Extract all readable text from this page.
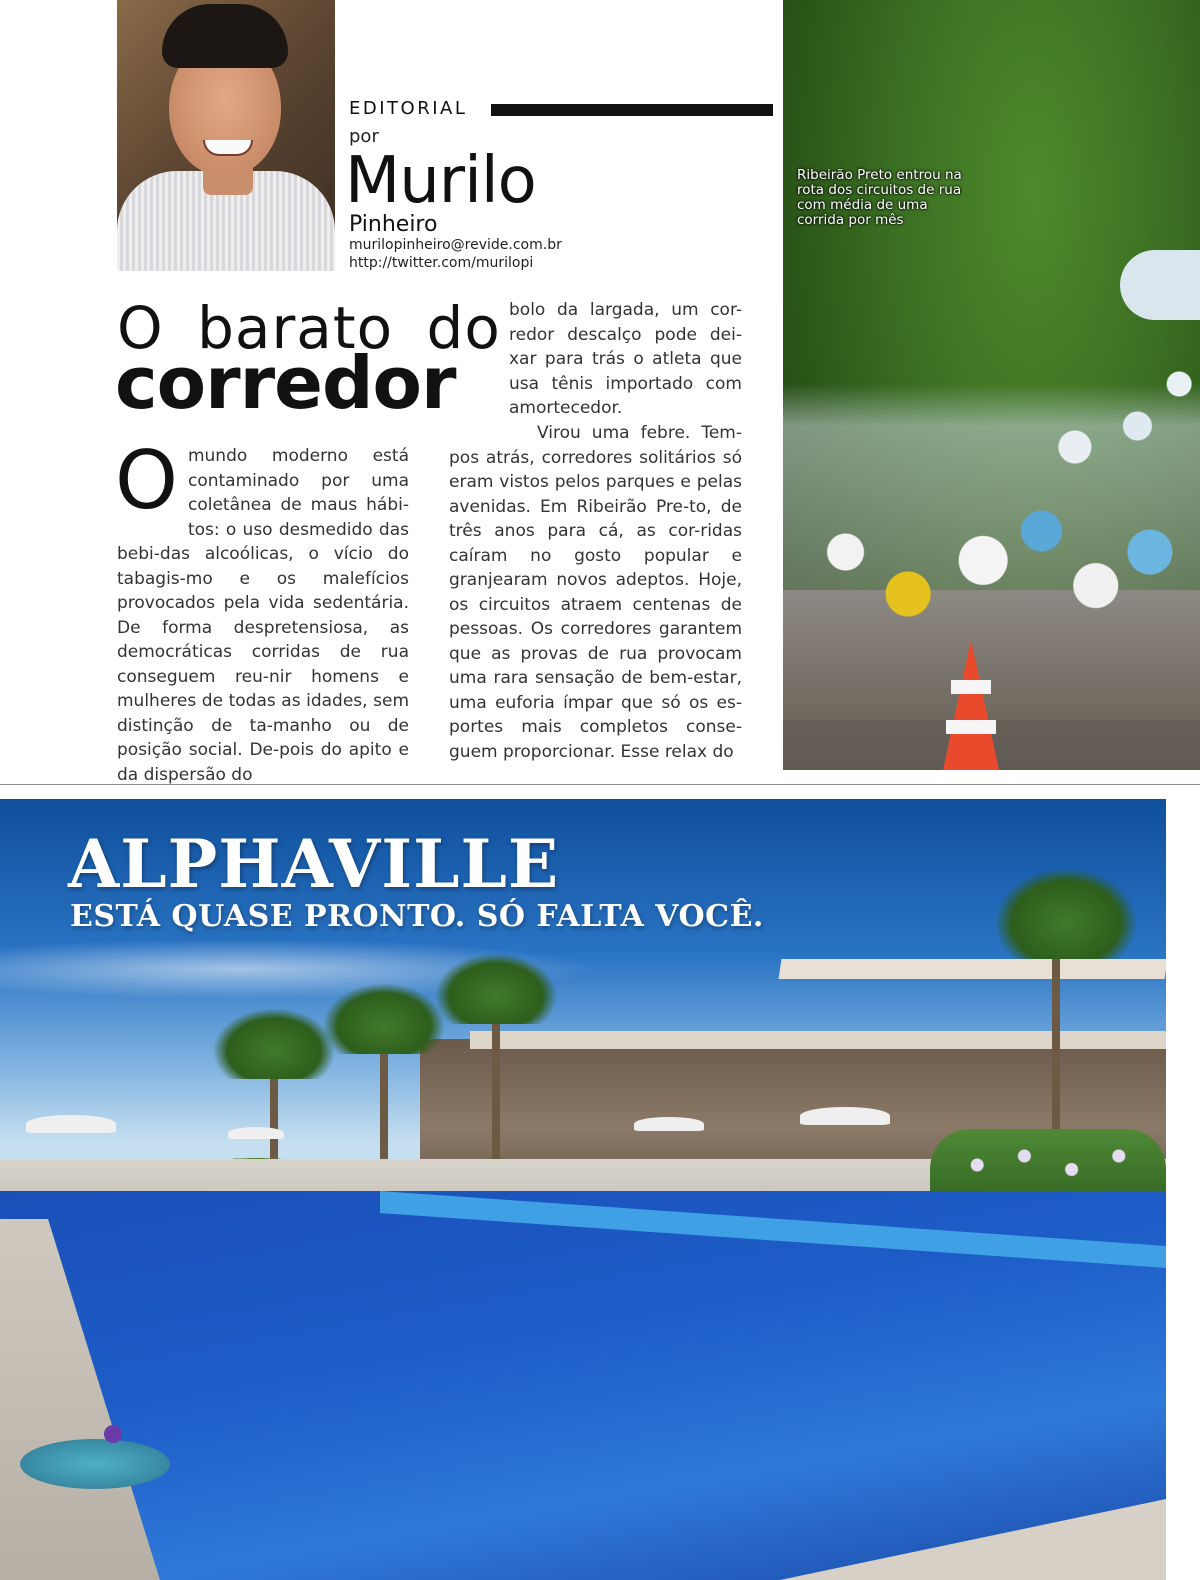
EDITORIAL
por
Murilo
Pinheiro
murilopinheiro@revide.com.br
http://twitter.com/murilopi
O barato do
corredor
O mundo moderno está contaminado por uma coletânea de maus hábi-tos: o uso desmedido das bebi-das alcoólicas, o vício do tabagis-mo e os malefícios provocados pela vida sedentária. De forma despretensiosa, as democráticas corridas de rua conseguem reu-nir homens e mulheres de todas as idades, sem distinção de ta-manho ou de posição social. De-pois do apito e da dispersão do

bolo da largada, um cor-redor descalço pode dei-xar para trás o atleta que usa tênis importado com amortecedor.

Virou uma febre. Tem-pos atrás, corredores solitários só eram vistos pelos parques e pelas avenidas. Em Ribeirão Pre-to, de três anos para cá, as cor-ridas caíram no gosto popular e granjearam novos adeptos. Hoje, os circuitos atraem centenas de pessoas. Os corredores garantem que as provas de rua provocam uma rara sensação de bem-estar, uma euforia ímpar que só os es-portes mais completos conse-guem proporcionar. Esse relax do

Ribeirão Preto entrou na rota dos circuitos de rua com média de uma corrida por mês
ALPHAVILLE
ESTÁ QUASE PRONTO. SÓ FALTA VOCÊ.
